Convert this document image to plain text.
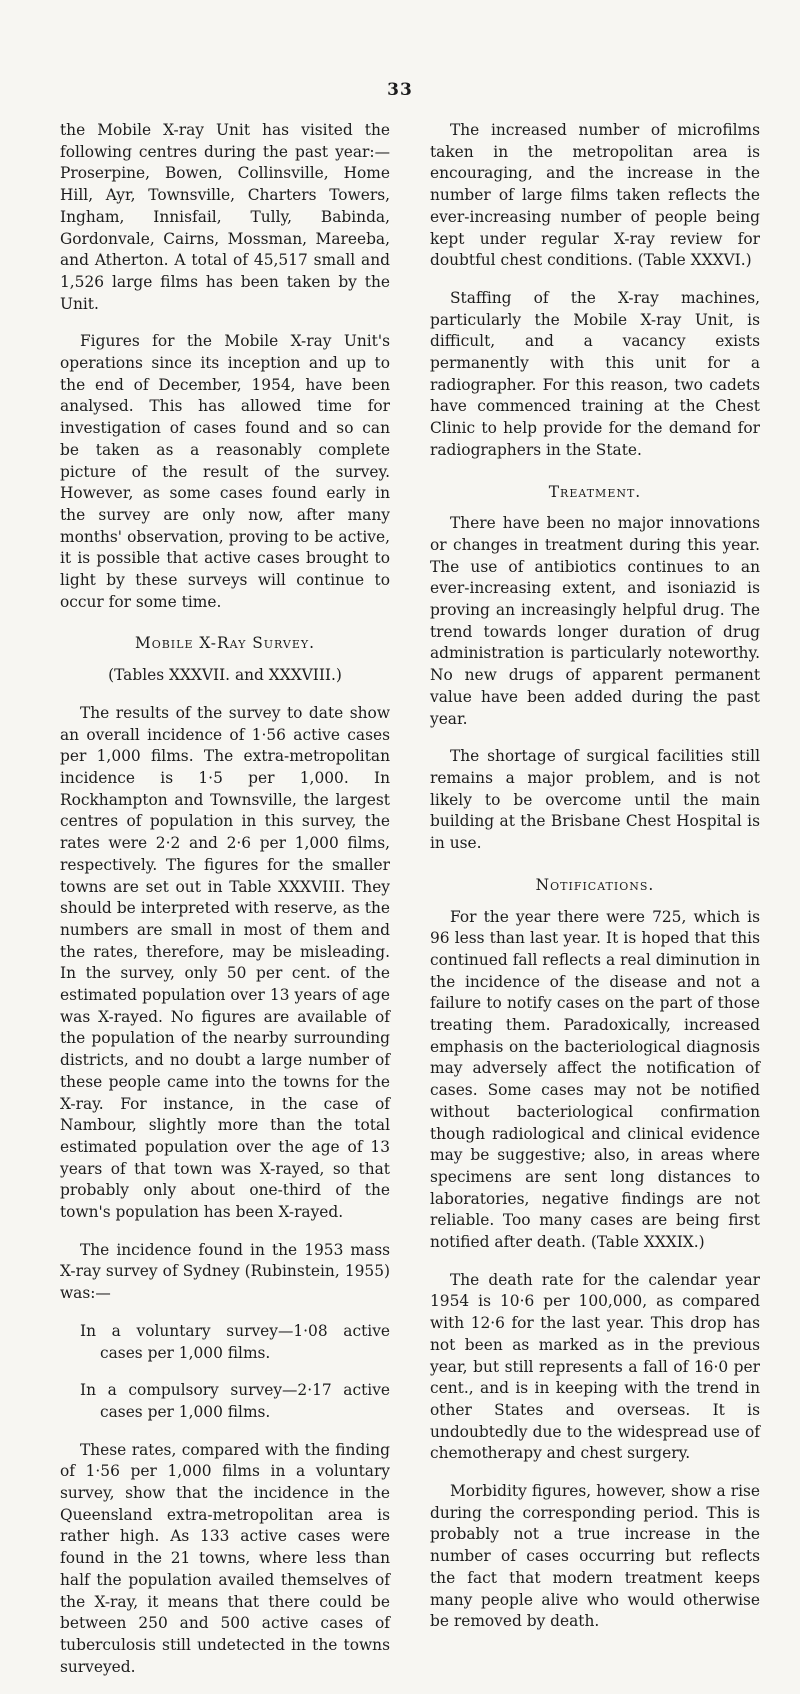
33

the Mobile X-ray Unit has visited the following centres during the past year:—Proserpine, Bowen, Collinsville, Home Hill, Ayr, Townsville, Charters Towers, Ingham, Innisfail, Tully, Babinda, Gordonvale, Cairns, Mossman, Mareeba, and Atherton. A total of 45,517 small and 1,526 large films has been taken by the Unit.

Figures for the Mobile X-ray Unit's operations since its inception and up to the end of December, 1954, have been analysed. This has allowed time for investigation of cases found and so can be taken as a reasonably complete picture of the result of the survey. However, as some cases found early in the survey are only now, after many months' observation, proving to be active, it is possible that active cases brought to light by these surveys will continue to occur for some time.

Mobile X-Ray Survey.
(Tables XXXVII. and XXXVIII.)

The results of the survey to date show an overall incidence of 1·56 active cases per 1,000 films. The extra-metropolitan incidence is 1·5 per 1,000. In Rockhampton and Townsville, the largest centres of population in this survey, the rates were 2·2 and 2·6 per 1,000 films, respectively. The figures for the smaller towns are set out in Table XXXVIII. They should be interpreted with reserve, as the numbers are small in most of them and the rates, therefore, may be misleading. In the survey, only 50 per cent. of the estimated population over 13 years of age was X-rayed. No figures are available of the population of the nearby surrounding districts, and no doubt a large number of these people came into the towns for the X-ray. For instance, in the case of Nambour, slightly more than the total estimated population over the age of 13 years of that town was X-rayed, so that probably only about one-third of the town's population has been X-rayed.

The incidence found in the 1953 mass X-ray survey of Sydney (Rubinstein, 1955) was:—

In a voluntary survey—1·08 active cases per 1,000 films.

In a compulsory survey—2·17 active cases per 1,000 films.

These rates, compared with the finding of 1·56 per 1,000 films in a voluntary survey, show that the incidence in the Queensland extra-metropolitan area is rather high. As 133 active cases were found in the 21 towns, where less than half the population availed themselves of the X-ray, it means that there could be between 250 and 500 active cases of tuberculosis still undetected in the towns surveyed.

The increased number of microfilms taken in the metropolitan area is encouraging, and the increase in the number of large films taken reflects the ever-increasing number of people being kept under regular X-ray review for doubtful chest conditions. (Table XXXVI.)

Staffing of the X-ray machines, particularly the Mobile X-ray Unit, is difficult, and a vacancy exists permanently with this unit for a radiographer. For this reason, two cadets have commenced training at the Chest Clinic to help provide for the demand for radiographers in the State.

Treatment.

There have been no major innovations or changes in treatment during this year. The use of antibiotics continues to an ever-increasing extent, and isoniazid is proving an increasingly helpful drug. The trend towards longer duration of drug administration is particularly noteworthy. No new drugs of apparent permanent value have been added during the past year.

The shortage of surgical facilities still remains a major problem, and is not likely to be overcome until the main building at the Brisbane Chest Hospital is in use.

Notifications.

For the year there were 725, which is 96 less than last year. It is hoped that this continued fall reflects a real diminution in the incidence of the disease and not a failure to notify cases on the part of those treating them. Paradoxically, increased emphasis on the bacteriological diagnosis may adversely affect the notification of cases. Some cases may not be notified without bacteriological confirmation though radiological and clinical evidence may be suggestive; also, in areas where specimens are sent long distances to laboratories, negative findings are not reliable. Too many cases are being first notified after death. (Table XXXIX.)

The death rate for the calendar year 1954 is 10·6 per 100,000, as compared with 12·6 for the last year. This drop has not been as marked as in the previous year, but still represents a fall of 16·0 per cent., and is in keeping with the trend in other States and overseas. It is undoubtedly due to the widespread use of chemotherapy and chest surgery.

Morbidity figures, however, show a rise during the corresponding period. This is probably not a true increase in the number of cases occurring but reflects the fact that modern treatment keeps many people alive who would otherwise be removed by death.
